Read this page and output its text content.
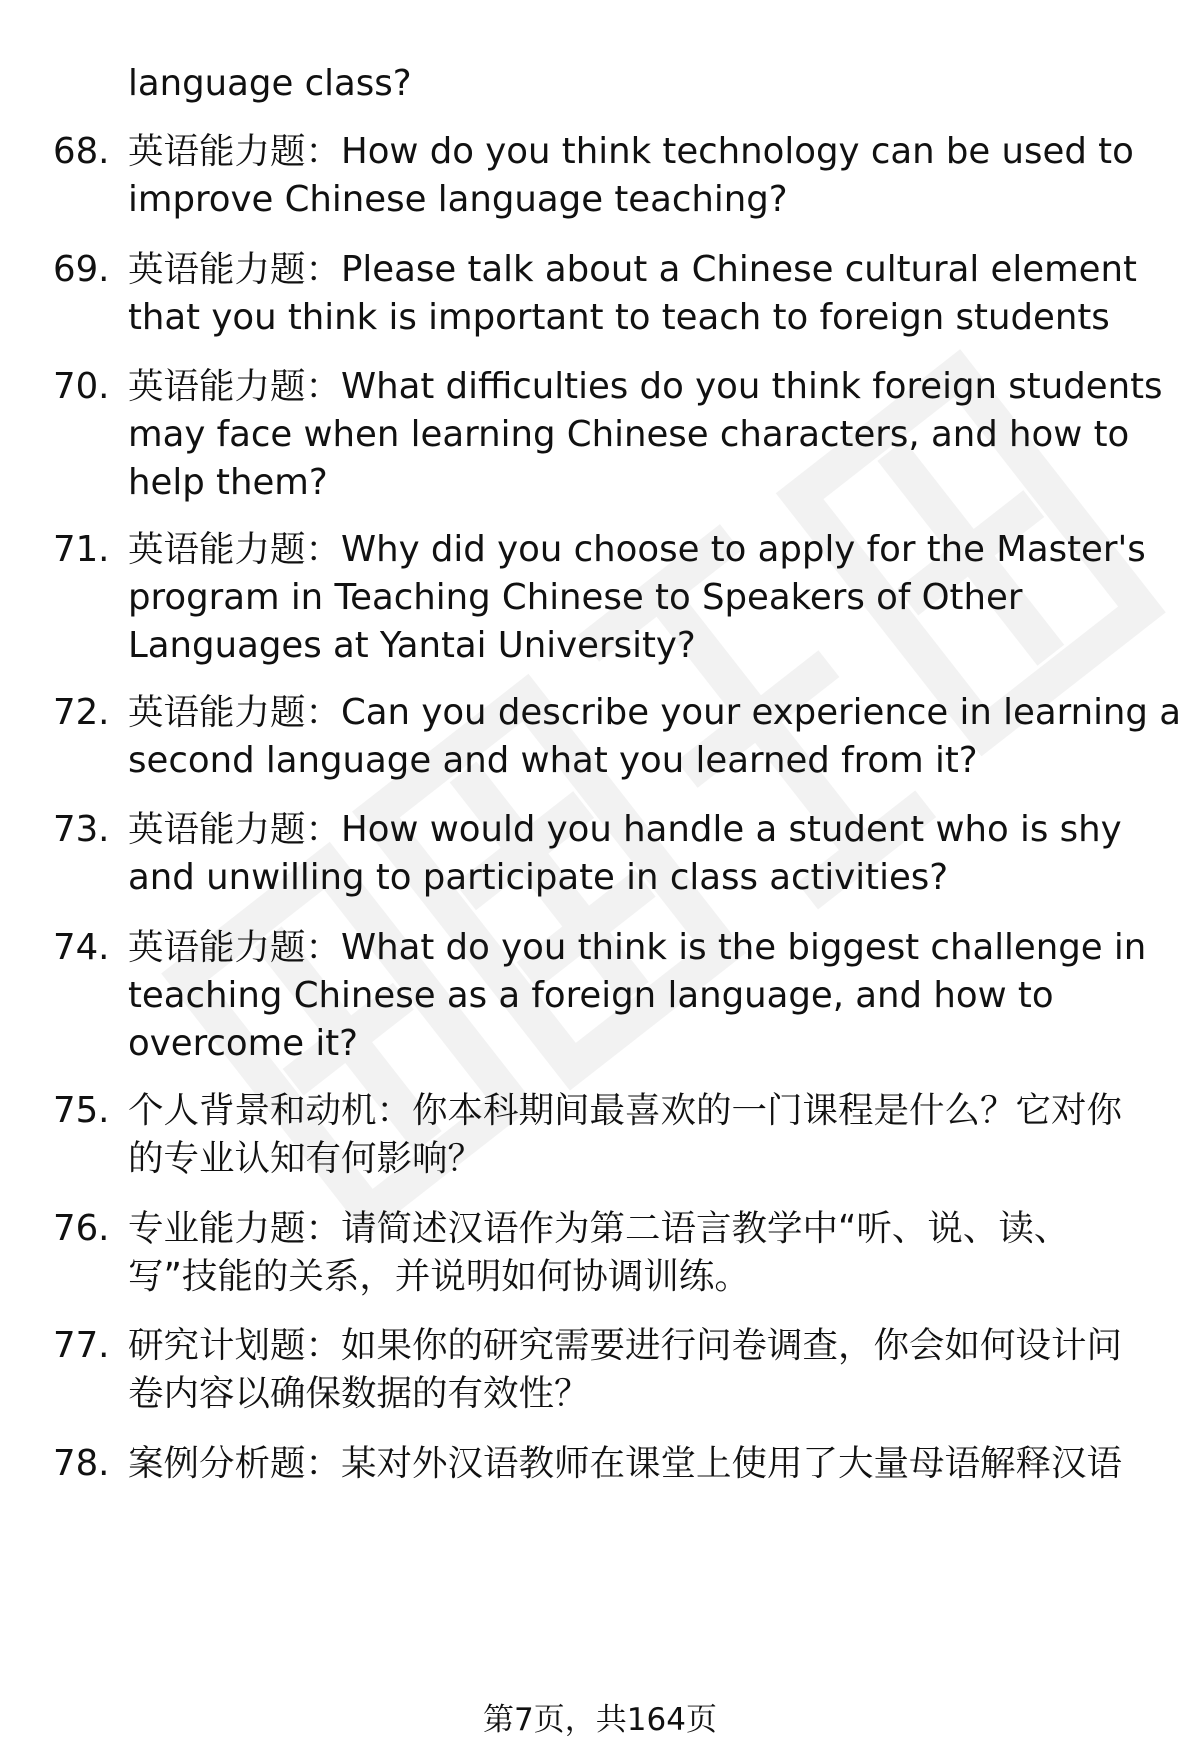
language class?
68. 英语能力题：How do you think technology can be used to
improve Chinese language teaching?
69. 英语能力题：Please talk about a Chinese cultural element
that you think is important to teach to foreign students
70. 英语能力题：What difficulties do you think foreign students
may face when learning Chinese characters, and how to
help them?
71. 英语能力题：Why did you choose to apply for the Master's
program in Teaching Chinese to Speakers of Other
Languages at Yantai University?
72. 英语能力题：Can you describe your experience in learning a
second language and what you learned from it?
73. 英语能力题：How would you handle a student who is shy
and unwilling to participate in class activities?
74. 英语能力题：What do you think is the biggest challenge in
teaching Chinese as a foreign language, and how to
overcome it?
75. 个人背景和动机：你本科期间最喜欢的一门课程是什么？它对你
的专业认知有何影响？
76. 专业能力题：请简述汉语作为第二语言教学中“听、说、读、
写”技能的关系，并说明如何协调训练。
77. 研究计划题：如果你的研究需要进行问卷调查，你会如何设计问
卷内容以确保数据的有效性？
78. 案例分析题：某对外汉语教师在课堂上使用了大量母语解释汉语
第7页，共164页
